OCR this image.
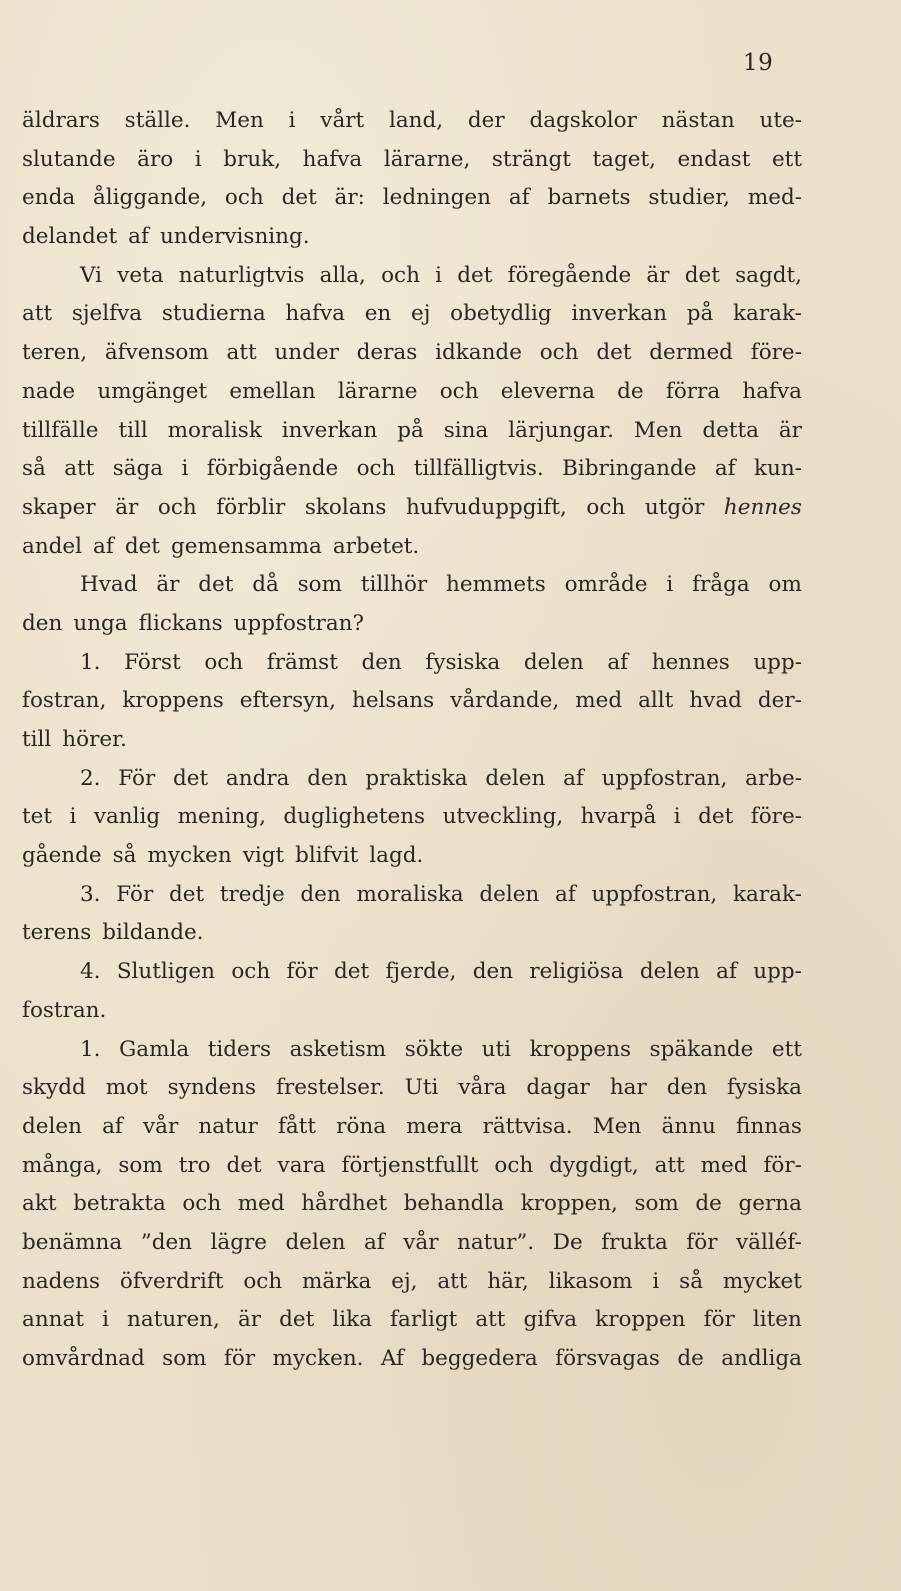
19
äldrars ställe. Men i vårt land, der dagskolor nästan ute-
slutande äro i bruk, hafva lärarne, strängt taget, endast ett
enda åliggande, och det är: ledningen af barnets studier, med-
delandet af undervisning.
Vi veta naturligtvis alla, och i det föregående är det sagdt,
att sjelfva studierna hafva en ej obetydlig inverkan på karak-
teren, äfvensom att under deras idkande och det dermed före-
nade umgänget emellan lärarne och eleverna de förra hafva
tillfälle till moralisk inverkan på sina lärjungar. Men detta är
så att säga i förbigående och tillfälligtvis. Bibringande af kun-
skaper är och förblir skolans hufvuduppgift, och utgör hennes
andel af det gemensamma arbetet.
Hvad är det då som tillhör hemmets område i fråga om
den unga flickans uppfostran?
1. Först och främst den fysiska delen af hennes upp-
fostran, kroppens eftersyn, helsans vårdande, med allt hvad der-
till hörer.
2. För det andra den praktiska delen af uppfostran, arbe-
tet i vanlig mening, duglighetens utveckling, hvarpå i det före-
gående så mycken vigt blifvit lagd.
3. För det tredje den moraliska delen af uppfostran, karak-
terens bildande.
4. Slutligen och för det fjerde, den religiösa delen af upp-
fostran.
1. Gamla tiders asketism sökte uti kroppens späkande ett
skydd mot syndens frestelser. Uti våra dagar har den fysiska
delen af vår natur fått röna mera rättvisa. Men ännu finnas
många, som tro det vara förtjenstfullt och dygdigt, att med för-
akt betrakta och med hårdhet behandla kroppen, som de gerna
benämna ”den lägre delen af vår natur”. De frukta för välléf-
nadens öfverdrift och märka ej, att här, likasom i så mycket
annat i naturen, är det lika farligt att gifva kroppen för liten
omvårdnad som för mycken. Af beggedera försvagas de andliga
